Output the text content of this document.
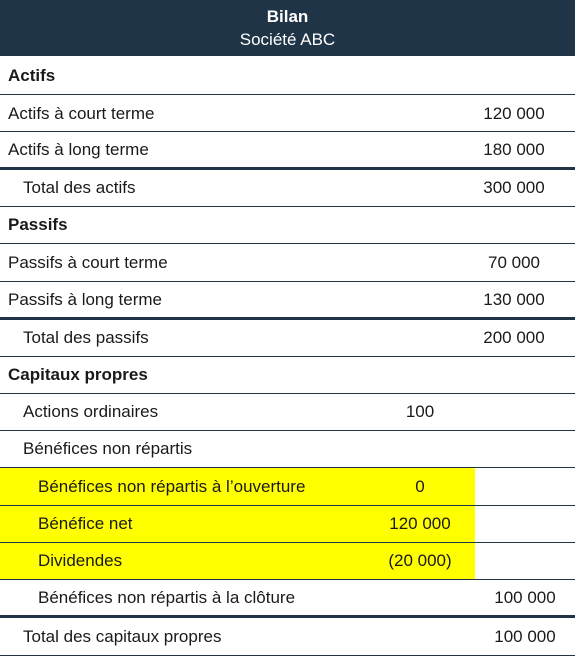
Bilan
Société ABC
Actifs
Actifs à court terme	120 000
Actifs à long terme	180 000
Total des actifs	300 000
Passifs
Passifs à court terme	70 000
Passifs à long terme	130 000
Total des passifs	200 000
Capitaux propres
Actions ordinaires	100
Bénéfices non répartis
Bénéfices non répartis à l’ouverture	0
Bénéfice net	120 000
Dividendes	(20 000)
Bénéfices non répartis à la clôture	100 000
Total des capitaux propres	100 000
